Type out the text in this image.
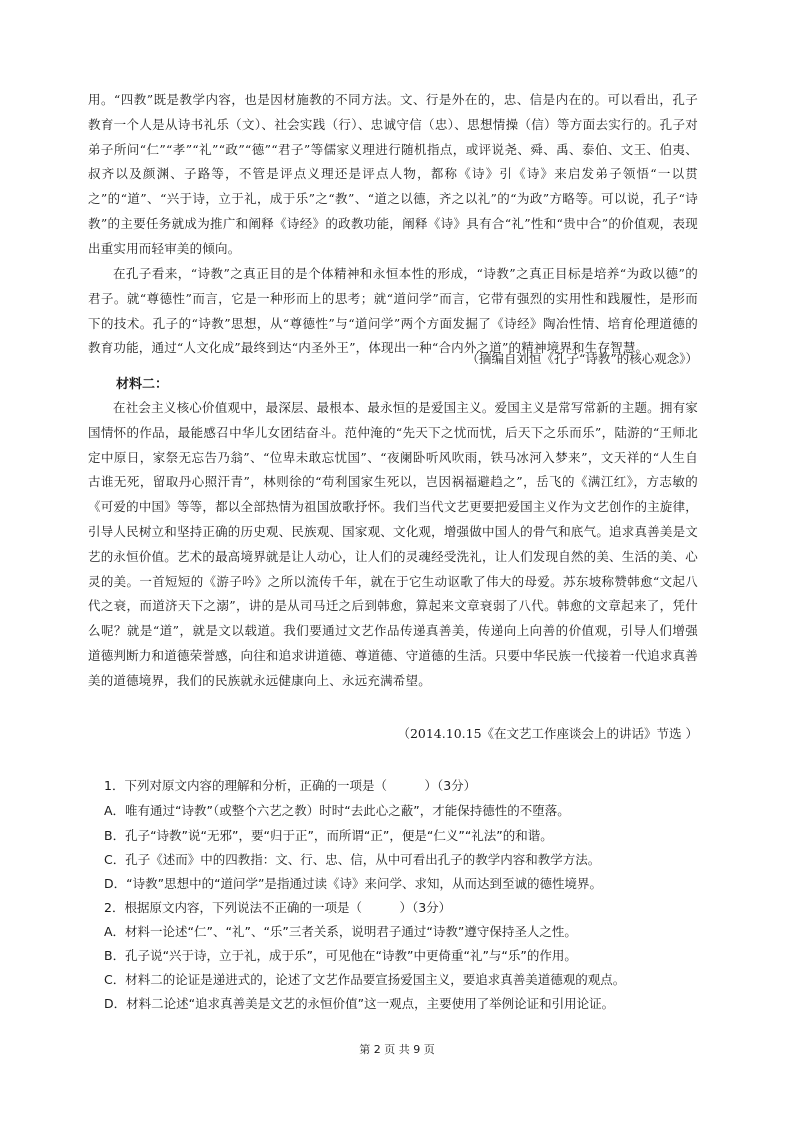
用。“四教”既是教学内容，也是因材施教的不同方法。文、行是外在的，忠、信是内在的。可以看出，孔子教育一个人是从诗书礼乐（文）、社会实践（行）、忠诚守信（忠）、思想情操（信）等方面去实行的。孔子对弟子所问“仁”“孝”“礼”“政”“德”“君子”等儒家义理进行随机指点，或评说尧、舜、禹、泰伯、文王、伯夷、叔齐以及颜渊、子路等，不管是评点义理还是评点人物，都称《诗》引《诗》来启发弟子领悟“一以贯之”的“道”、“兴于诗，立于礼，成于乐”之“教”、“道之以德，齐之以礼”的“为政”方略等。可以说，孔子“诗教”的主要任务就成为推广和阐释《诗经》的政教功能，阐释《诗》具有合“礼”性和“贵中合”的价值观，表现出重实用而轻审美的倾向。

在孔子看来，“诗教”之真正目的是个体精神和永恒本性的形成，“诗教”之真正目标是培养“为政以德”的君子。就“尊德性”而言，它是一种形而上的思考；就“道问学”而言，它带有强烈的实用性和践履性，是形而下的技术。孔子的“诗教”思想，从“尊德性”与“道问学”两个方面发掘了《诗经》陶冶性情、培育伦理道德的教育功能，通过“人文化成”最终到达“内圣外王”，体现出一种“合内外之道”的精神境界和生存智慧。

（摘编自刘恒《孔子“诗教”的核心观念》）
材料二：

在社会主义核心价值观中，最深层、最根本、最永恒的是爱国主义。爱国主义是常写常新的主题。拥有家国情怀的作品，最能感召中华儿女团结奋斗。范仲淹的“先天下之忧而忧，后天下之乐而乐”，陆游的“王师北定中原日，家祭无忘告乃翁”、“位卑未敢忘忧国”、“夜阑卧听风吹雨，铁马冰河入梦来”，文天祥的“人生自古谁无死，留取丹心照汗青”，林则徐的“苟利国家生死以，岂因祸福避趋之”，岳飞的《满江红》，方志敏的《可爱的中国》等等，都以全部热情为祖国放歌抒怀。我们当代文艺更要把爱国主义作为文艺创作的主旋律，引导人民树立和坚持正确的历史观、民族观、国家观、文化观，增强做中国人的骨气和底气。追求真善美是文艺的永恒价值。艺术的最高境界就是让人动心，让人们的灵魂经受洗礼，让人们发现自然的美、生活的美、心灵的美。一首短短的《游子吟》之所以流传千年，就在于它生动讴歌了伟大的母爱。苏东坡称赞韩愈“文起八代之衰，而道济天下之溺”，讲的是从司马迁之后到韩愈，算起来文章衰弱了八代。韩愈的文章起来了，凭什么呢？就是“道”，就是文以载道。我们要通过文艺作品传递真善美，传递向上向善的价值观，引导人们增强道德判断力和道德荣誉感，向往和追求讲道德、尊道德、守道德的生活。只要中华民族一代接着一代追求真善美的道德境界，我们的民族就永远健康向上、永远充满希望。

（2014.10.15《在文艺工作座谈会上的讲话》节选 ）
1．下列对原文内容的理解和分析，正确的一项是（　　　）（3分）
A．唯有通过“诗教”（或整个六艺之教）时时“去此心之蔽”，才能保持德性的不堕落。
B．孔子“诗教”说“无邪”，要“归于正”，而所谓“正”，便是“仁义”“礼法”的和谐。
C．孔子《述而》中的四教指：文、行、忠、信，从中可看出孔子的教学内容和教学方法。
D．“诗教”思想中的“道问学”是指通过读《诗》来问学、求知，从而达到至诚的德性境界。
2．根据原文内容，下列说法不正确的一项是（　　　）（3分）
A．材料一论述“仁”、“礼”、“乐”三者关系，说明君子通过“诗教”遵守保持圣人之性。
B．孔子说“兴于诗，立于礼，成于乐”，可见他在“诗教”中更倚重“礼”与“乐”的作用。
C．材料二的论证是递进式的，论述了文艺作品要宣扬爱国主义，要追求真善美道德观的观点。
D．材料二论述“追求真善美是文艺的永恒价值”这一观点，主要使用了举例论证和引用论证。
第 2 页 共 9 页
